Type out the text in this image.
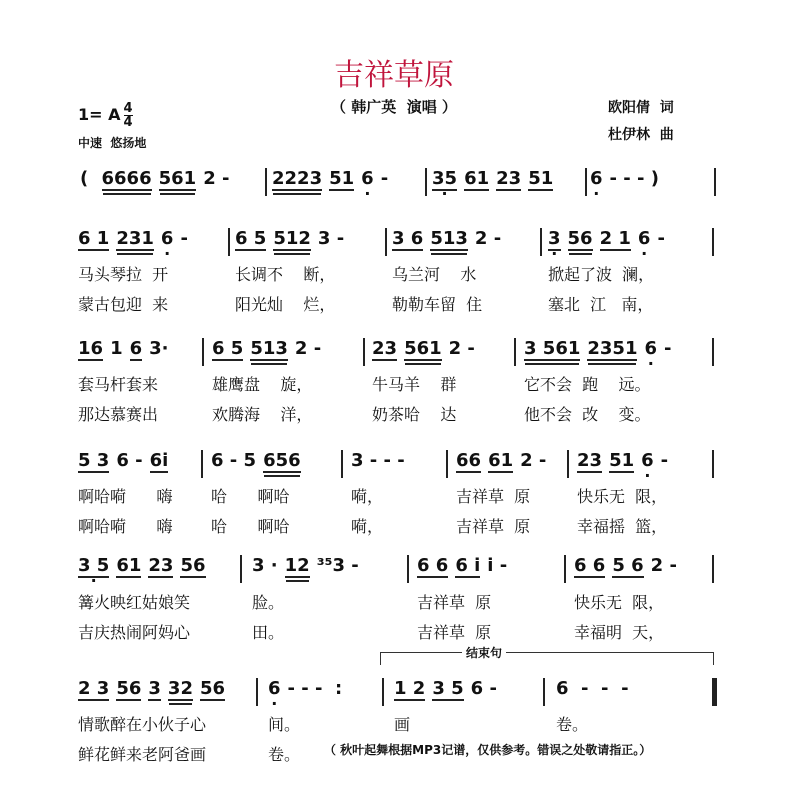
吉祥草原
（ 韩广英  演唱 ）
1= A $\frac{4}{4}$
中速  悠扬地
欧阳倩  词
杜伊林  曲
结束句
（ 秋叶起舞根据MP3记谱，仅供参考。错误之处敬请指正。）
( 6666 561 2 -	2223 51 6 · -	35 · 61 23 51	6 · - - - )
6 1 231 6 · -
马头琴拉  开
蒙古包迎  来
6 5 512 3 -
长调不    断，
阳光灿    烂，
3 6 513 2 -
乌兰河    水
勒勒车留  住
3 · 56 2 1 6 · -
掀起了波  澜，
塞北  江   南，
16 1 6 3·
套马杆套来
那达慕赛出
6 5 513 2 -
雄鹰盘    旋，
欢腾海    洋，
23 561 2 -
牛马羊    群
奶茶哈    达
3 561 2351 6 · -
它不会  跑    远。
他不会  改    变。
5 3 6 - 6i
啊哈嗬      嗨
啊哈嗬      嗨
6 - 5 656
哈      啊哈
哈      啊哈
3 - - -
嗬，
嗬，
66 61 2 -
吉祥草  原
吉祥草  原
23 51 6 · -
快乐无  限，
幸福摇  篮，
3 5 · 61 23 56
篝火映红姑娘笑
吉庆热闹阿妈心
3 · 12 ³⁵3 -
脸。
田。
6 6 6 i i -
吉祥草  原
吉祥草  原
6 6 5 6 2 -
快乐无  限，
幸福明  天，
2 3 56 3 32 56
情歌醉在小伙子心
鲜花鲜来老阿爸画
6 · - - -  :
间。
卷。
1 2 3 5 6 -
画
6  -  -  -
卷。
